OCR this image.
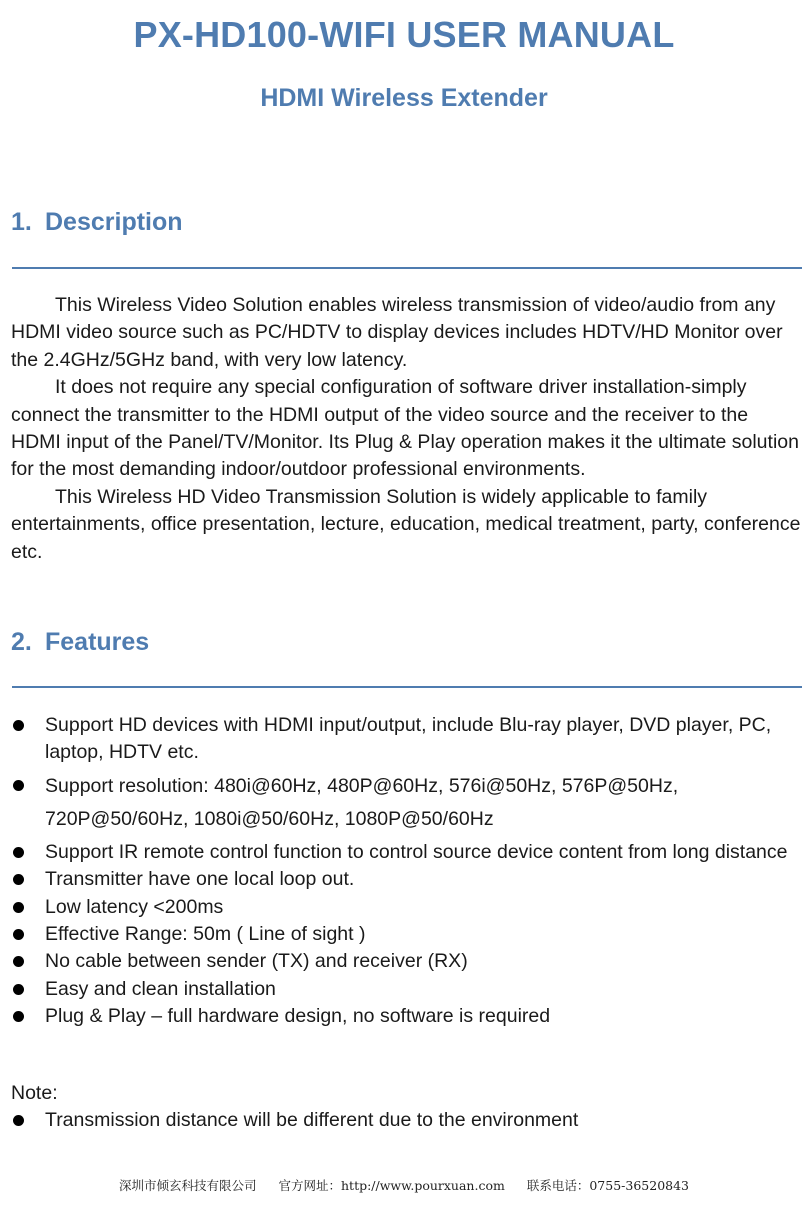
PX-HD100-WIFI USER MANUAL
HDMI Wireless Extender
1. Description

This Wireless Video Solution enables wireless transmission of video/audio from any HDMI video source such as PC/HDTV to display devices includes HDTV/HD Monitor over the 2.4GHz/5GHz band, with very low latency.

It does not require any special configuration of software driver installation-simply connect the transmitter to the HDMI output of the video source and the receiver to the HDMI input of the Panel/TV/Monitor. Its Plug & Play operation makes it the ultimate solution for the most demanding indoor/outdoor professional environments.

This Wireless HD Video Transmission Solution is widely applicable to family entertainments, office presentation, lecture, education, medical treatment, party, conference etc.

2. Features
Support HD devices with HDMI input/output, include Blu-ray player, DVD player, PC, laptop, HDTV etc.
Support resolution: 480i@60Hz, 480P@60Hz, 576i@50Hz, 576P@50Hz, 720P@50/60Hz, 1080i@50/60Hz, 1080P@50/60Hz
Support IR remote control function to control source device content from long distance
Transmitter have one local loop out.
Low latency <200ms
Effective Range: 50m ( Line of sight )
No cable between sender (TX) and receiver (RX)
Easy and clean installation
Plug & Play – full hardware design, no software is required

Note:

Transmission distance will be different due to the environment

深圳市倾玄科技有限公司 官方网址：http://www.pourxuan.com 联系电话：0755-36520843
